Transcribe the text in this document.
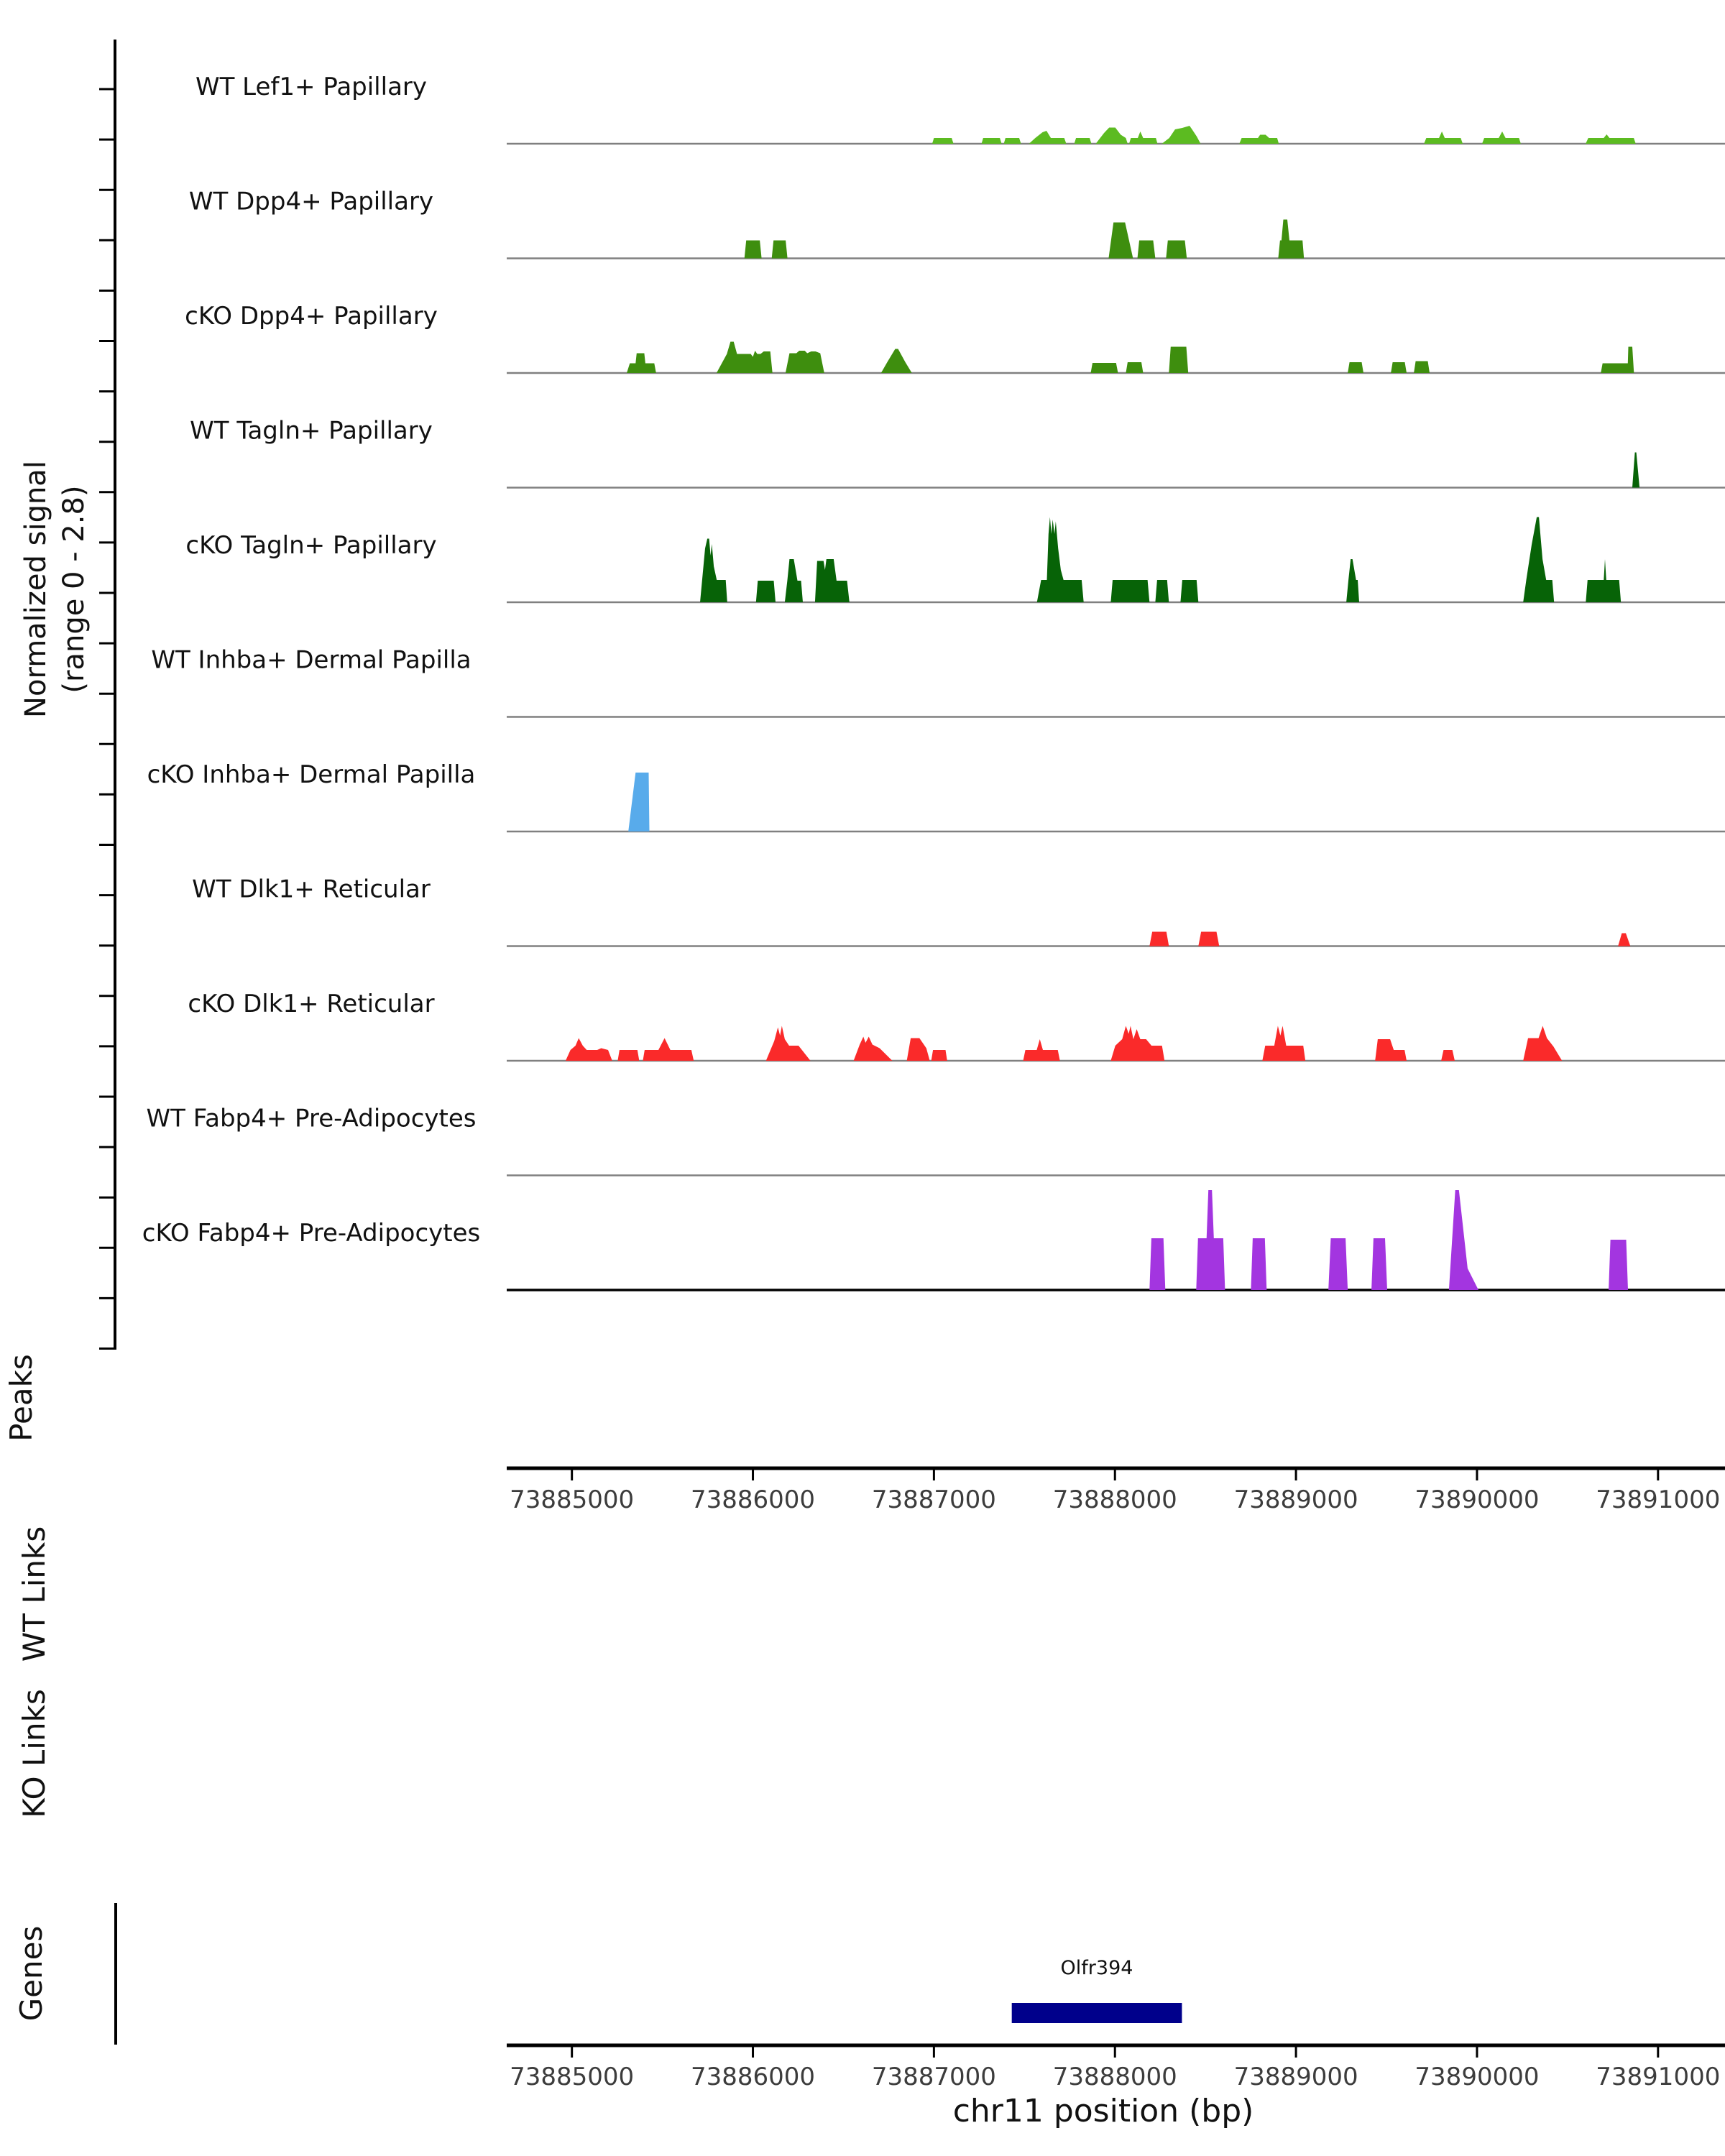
Normalized signal (range 0 - 2.8)
Peaks
WT Links
KO Links
Genes
WT Lef1+ Papillary
WT Dpp4+ Papillary
cKO Dpp4+ Papillary
WT Tagln+ Papillary
cKO Tagln+ Papillary
WT Inhba+ Dermal Papilla
cKO Inhba+ Dermal Papilla
WT Dlk1+ Reticular
cKO Dlk1+ Reticular
WT Fabp4+ Pre-Adipocytes
cKO Fabp4+ Pre-Adipocytes
73885000 73886000 73887000 73888000 73889000 73890000 73891000
Olfr394
73885000 73886000 73887000 73888000 73889000 73890000 73891000
chr11 position (bp)
